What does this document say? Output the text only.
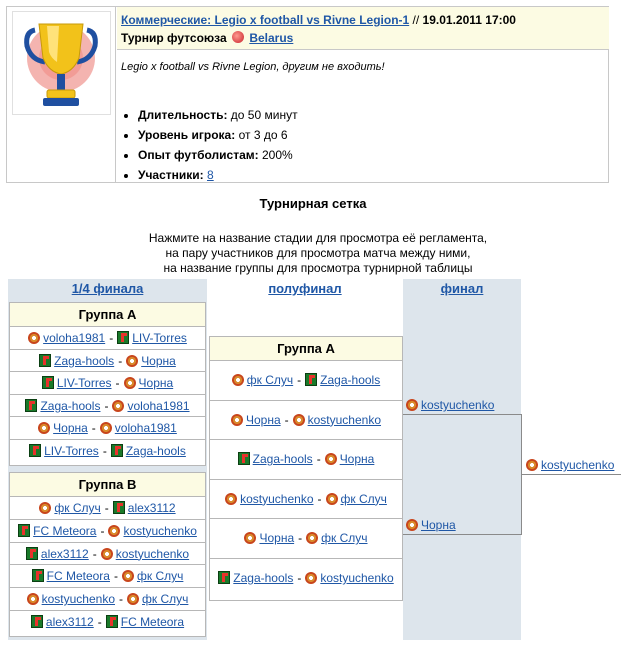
Коммерческие: Legio x football vs Rivne Legion-1 // 19.01.2011 17:00
Турнир футсоюза Belarus

Legio x football vs Rivne Legion, другим не входить!

• Длительность: до 50 минут
• Уровень игрока: от 3 до 6
• Опыт футболистам: 200%
• Участники: 8
Турнирная сетка
Нажмите на название стадии для просмотра её регламента,
на пару участников для просмотра матча между ними,
на название группы для просмотра турнирной таблицы
1/4 финала	полуфинал	финал
Группа A
voloha1981 - LIV-Torres
Zaga-hools - Чорна
LIV-Torres - Чорна
Zaga-hools - voloha1981
Чорна - voloha1981
LIV-Torres - Zaga-hools
Группа B
фк Случ - alex3112
FC Meteora - kostyuchenko
alex3112 - kostyuchenko
FC Meteora - фк Случ
kostyuchenko - фк Случ
alex3112 - FC Meteora
Группа A
фк Случ - Zaga-hools
Чорна - kostyuchenko
Zaga-hools - Чорна
kostyuchenko - фк Случ
Чорна - фк Случ
Zaga-hools - kostyuchenko
kostyuchenko
Чорна
kostyuchenko
